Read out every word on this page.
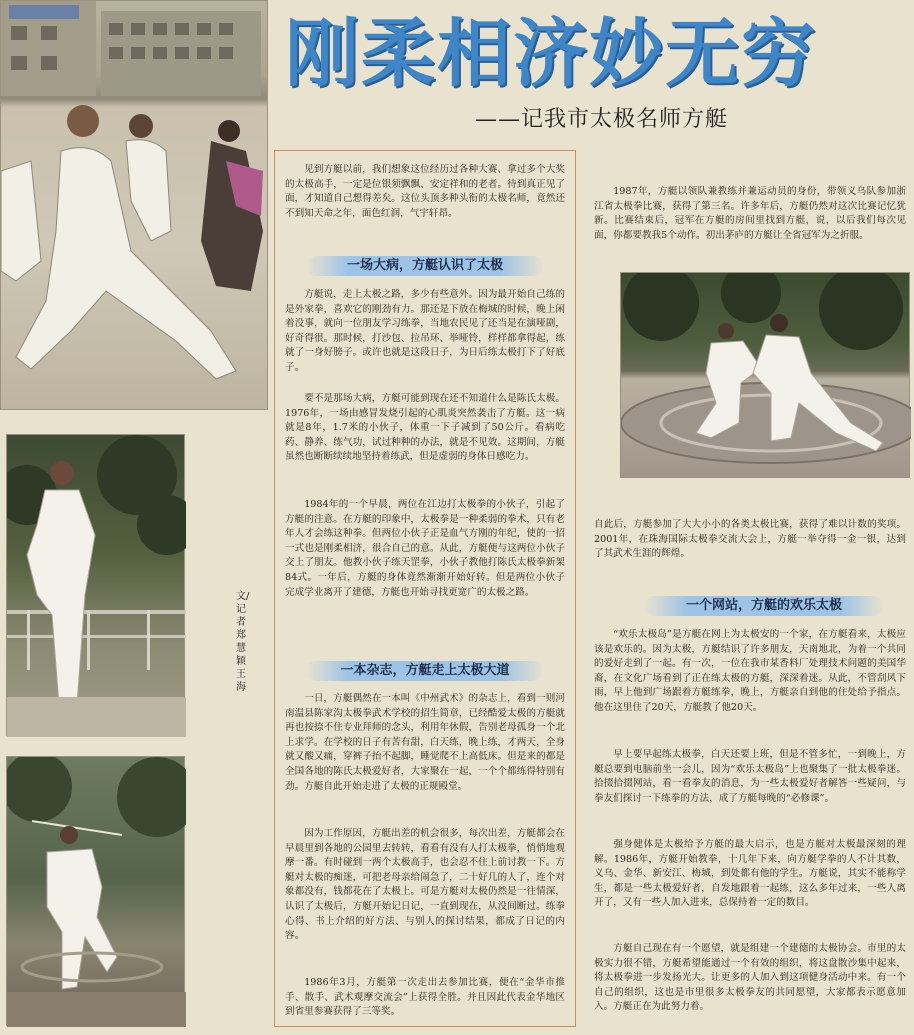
刚柔相济妙无穷
——记我市太极名师方艇
文/记者 郑慧颖 王海
见到方艇以前，我们想象这位经历过各种大赛、拿过多个大奖的太极高手，一定是位银须飘飘、安定祥和的老者。待到真正见了面，才知道自己想得差矣。这位头顶多种头衔的太极名师，竟然还不到知天命之年，面色红润，气宇轩昂。
一场大病，方艇认识了太极
方艇说，走上太极之路，多少有些意外。因为最开始自己练的是外家拳，喜欢它的刚劲有力。那还是下放在梅城的时候，晚上闲着没事，就向一位朋友学习练拳，当地农民见了还当是在演哑剧，好奇得很。那时候，打沙包、拉吊环、举哑铃，样样都拿得起，练就了一身好膀子。或许也就是这段日子，为日后练太极打下了好底子。
要不是那场大病，方艇可能到现在还不知道什么是陈氏太极。1976年，一场由感冒发烧引起的心肌炎突然袭击了方艇。这一病就是8年，1.7米的小伙子，体重一下子减到了50公斤。看病吃药、静养、练气功，试过种种的办法，就是不见效。这期间，方艇虽然也断断续续地坚持着练武，但是虚弱的身体日感吃力。
1984年的一个早晨，两位在江边打太极拳的小伙子，引起了方艇的注意。在方艇的印象中，太极拳是一种柔弱的拳术，只有老年人才会练这种拳。但两位小伙子正是血气方刚的年纪，使的一招一式也是刚柔相济，很合自己的意。从此，方艇便与这两位小伙子交上了朋友。他教小伙子练天罡拳，小伙子教他打陈氏太极拳新架84式。一年后，方艇的身体竟然渐渐开始好转。但是两位小伙子完成学业离开了建德，方艇也开始寻找更宽广的太极之路。
一本杂志，方艇走上太极大道
一日，方艇偶然在一本叫《中州武术》的杂志上，看到一则河南温县陈家沟太极拳武术学校的招生简章，已经酷爱太极的方艇就再也按捺不住专业拜师的念头，利用年休假，告别老母孤身一个北上求学。在学校的日子有苦有甜，白天练，晚上练，才两天，全身就又酸又痛，穿裤子抬不起脚，睡觉爬不上高低床。但是来的都是全国各地的陈氏太极爱好者，大家聚在一起，一个个都练得特别有劲。方艇自此开始走进了太极的正规殿堂。
因为工作原因，方艇出差的机会很多，每次出差，方艇都会在早晨里到各地的公园里去转转，看看有没有人打太极拳，悄悄地观摩一番。有时碰到一两个太极高手，也会忍不住上前讨教一下。方艇对太极的痴迷，可把老母亲给闹急了，二十好几的人了，连个对象都没有，钱都花在了太极上。可是方艇对太极仍然是一往情深，认识了太极后，方艇开始记日记，一直到现在，从没间断过。练拳心得、书上介绍的好方法、与别人的探讨结果，都成了日记的内容。
1986年3月，方艇第一次走出去参加比赛，便在“金华市推手、散手、武术观摩交流会”上获得全胜。并且因此代表金华地区到省里参赛获得了三等奖。
1987年，方艇以领队兼教练并兼运动员的身份，带领义乌队参加浙江省太极拳比赛，获得了第三名。许多年后，方艇仍然对这次比赛记忆犹新。比赛结束后，冠军在方艇的房间里找到方艇，说，以后我们每次见面，你都要教我5个动作。初出茅庐的方艇让全省冠军为之折服。
自此后，方艇参加了大大小小的各类太极比赛，获得了难以计数的奖项。2001年，在珠海国际太极拳交流大会上，方艇一举夺得一金一银，达到了其武术生涯的辉煌。
一个网站，方艇的欢乐太极
“欢乐太极岛”是方艇在网上为太极安的一个家，在方艇看来，太极应该是欢乐的。因为太极，方艇结识了许多朋友，天南地北，为着一个共同的爱好走到了一起。有一次，一位在我市某香料厂处理技术问题的美国华裔，在文化广场看到了正在练太极的方艇，深深着迷。从此，不管刮风下雨，早上他到广场跟着方艇练拳，晚上，方艇亲自到他的住处给予指点。他在这里住了20天，方艇教了他20天。
早上要早起练太极拳，白天还要上班，但是不管多忙，一到晚上，方艇总要到电脑前坐一会儿，因为“欢乐太极岛”上也聚集了一批太极拳迷。拾掇拾掇网站，看一看拳友的消息，为一些太极爱好者解答一些疑问，与拳友们探讨一下练拳的方法，成了方艇每晚的“必修课”。
强身健体是太极给予方艇的最大启示，也是方艇对太极最深刻的理解。1986年，方艇开始教拳，十几年下来，向方艇学拳的人不计其数，义乌、金华、新安江、梅城，到处都有他的学生。方艇说，其实不能称学生，都是一些太极爱好者，自发地跟着一起练，这么多年过来，一些人离开了，又有一些人加入进来，总保持着一定的数目。
方艇自己现在有一个愿望，就是组建一个建德的太极协会。市里的太极实力很不错，方艇希望能通过一个有效的组织，将这盘散沙集中起来，将太极拳进一步发扬光大。让更多的人加入到这项健身活动中来。有一个自己的组织，这也是市里很多太极拳友的共同愿望，大家都表示愿意加入。方艇正在为此努力着。
